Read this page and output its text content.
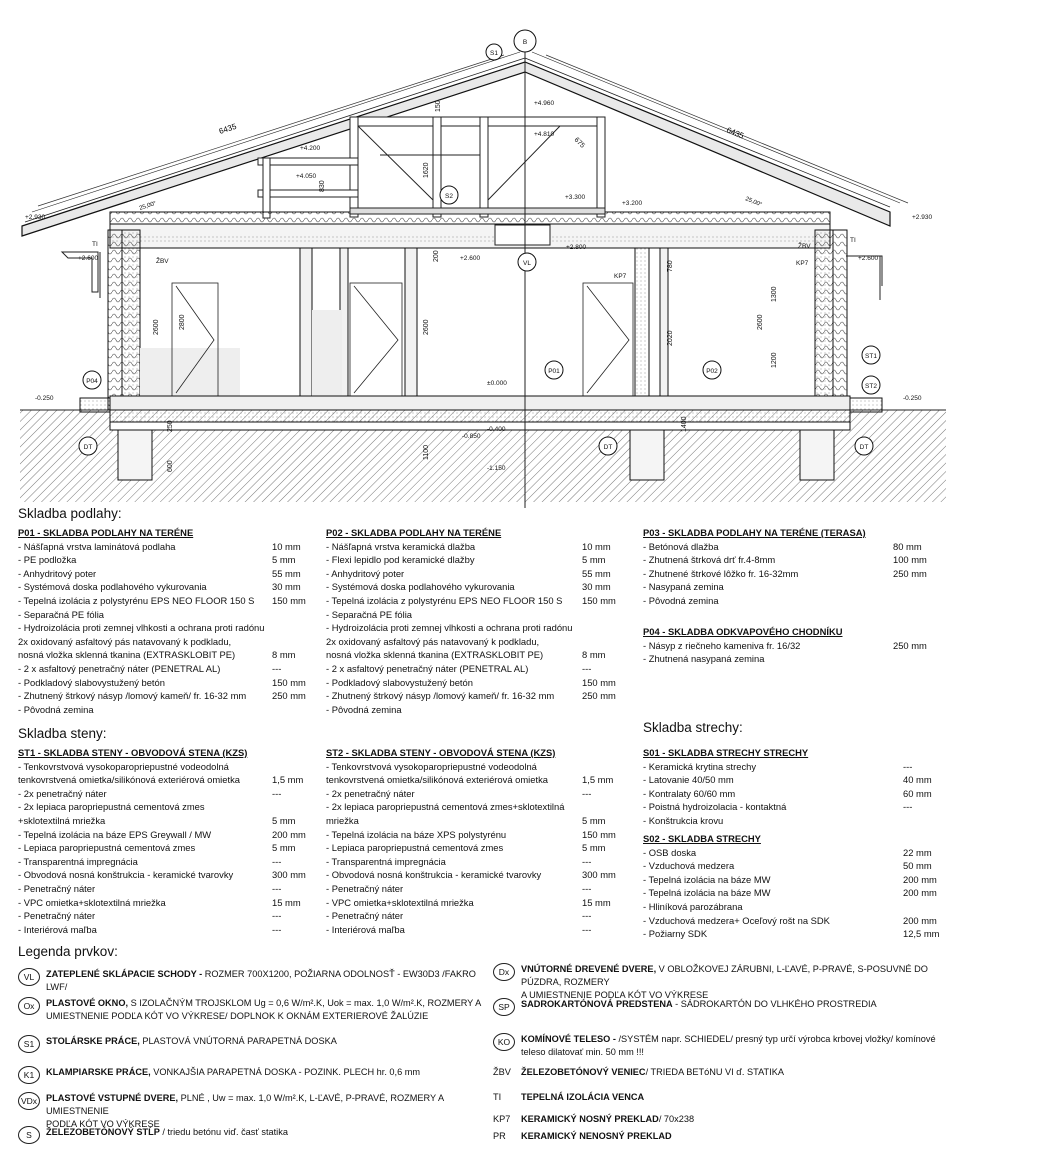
6435	6435
25,00°	25,00°
150
675
1620
830
2600	2600	2600
2800
200
780
1300
2020
1200
600
1100
250	1400
+4.960
+4.810
+4.200
+4.050
+3.300
+3.200
+2.930	+2.930
+2.800
+2.600	+2.600	+2.600
±0.000
-0.250	-0.250
-0.400
-0.850
-1.150
S1
B
S2
VL
P01	P02
P04
ST1
ST2
DT	DT	DT
KP7
KP7
ŽBV
ŽBV
TI
TI
Skladba podlahy:
P01 - SKLADBA PODLAHY NA TERÉNE
- Nášľapná vrstva laminátová podlaha	10 mm
- PE podložka	5 mm
- Anhydritový poter	55 mm
- Systémová doska podlahového vykurovania	30 mm
- Tepelná izolácia z polystyrénu EPS NEO FLOOR 150 S	150 mm
- Separačná PE fólia
- Hydroizolácia proti zemnej vlhkosti a ochrana proti radónu
2x oxidovaný asfaltový pás natavovaný k podkladu,
nosná vložka sklenná tkanina (EXTRASKLOBIT PE)	8 mm
- 2 x asfaltový penetračný náter (PENETRAL AL)	---
- Podkladový slabovystužený betón	150 mm
- Zhutnený štrkový násyp /lomový kameň/ fr. 16-32 mm	250 mm
- Pôvodná zemina
P02 - SKLADBA PODLAHY NA TERÉNE
- Nášľapná vrstva keramická dlažba	10 mm
- Flexi lepidlo pod keramické dlažby	5 mm
- Anhydritový poter	55 mm
- Systémová doska podlahového vykurovania	30 mm
- Tepelná izolácia z polystyrénu EPS NEO FLOOR 150 S	150 mm
- Separačná PE fólia
- Hydroizolácia proti zemnej vlhkosti a ochrana proti radónu
2x oxidovaný asfaltový pás natavovaný k podkladu,
nosná vložka sklenná tkanina (EXTRASKLOBIT PE)	8 mm
- 2 x asfaltový penetračný náter (PENETRAL AL)	---
- Podkladový slabovystužený betón	150 mm
- Zhutnený štrkový násyp /lomový kameň/ fr. 16-32 mm	250 mm
- Pôvodná zemina
P03 - SKLADBA PODLAHY NA TERÉNE (TERASA)
- Betónová dlažba	80 mm
- Zhutnená štrková drť fr.4-8mm	100 mm
- Zhutnené štrkové lôžko fr. 16-32mm	250 mm
- Nasypaná zemina
- Pôvodná zemina
P04 - SKLADBA ODKVAPOVÉHO CHODNÍKU
- Násyp z riečneho kameniva fr. 16/32	250 mm
- Zhutnená nasypaná zemina
Skladba steny:
ST1 - SKLADBA STENY - OBVODOVÁ STENA (KZS)
- Tenkovrstvová vysokoparopriepustné vodeodolná
tenkovrstvená omietka/silikónová exteriérová omietka	1,5 mm
- 2x penetračný náter	---
- 2x lepiaca paropriepustná cementová zmes
+sklotextilná mriežka	5 mm
- Tepelná izolácia na báze EPS Greywall / MW	200 mm
- Lepiaca paropriepustná cementová zmes	5 mm
- Transparentná impregnácia	---
- Obvodová nosná konštrukcia - keramické tvarovky	300 mm
- Penetračný náter	---
- VPC omietka+sklotextilná mriežka	15 mm
- Penetračný náter	---
- Interiérová maľba	---
ST2 - SKLADBA STENY - OBVODOVÁ STENA (KZS)
- Tenkovrstvová vysokoparopriepustné vodeodolná
tenkovrstvená omietka/silikónová exteriérová omietka	1,5 mm
- 2x penetračný náter	---
- 2x lepiaca paropriepustná cementová zmes+sklotextilná
mriežka	5 mm
- Tepelná izolácia na báze XPS polystyrénu	150 mm
- Lepiaca paropriepustná cementová zmes	5 mm
- Transparentná impregnácia	---
- Obvodová nosná konštrukcia - keramické tvarovky	300 mm
- Penetračný náter	---
- VPC omietka+sklotextilná mriežka	15 mm
- Penetračný náter	---
- Interiérová maľba	---
Skladba strechy:
S01 - SKLADBA STRECHY STRECHY
- Keramická krytina strechy	---
- Latovanie 40/50 mm	40 mm
- Kontralaty 60/60 mm	60 mm
- Poistná hydroizolacia - kontaktná	---
- Konštrukcia krovu
S02 - SKLADBA STRECHY
- OSB doska	22 mm
- Vzduchová medzera	50 mm
- Tepelná izolácia na báze MW	200 mm
- Tepelná izolácia na báze MW	200 mm
- Hliníková parozábrana
- Vzduchová medzera+ Oceľový rošt na SDK	200 mm
- Požiarny SDK	12,5 mm
Legenda prvkov:
VL	ZATEPLENÉ SKLÁPACIE SCHODY - ROZMER 700X1200, POŽIARNA ODOLNOSŤ - EW30D3 /FAKRO LWF/
Ox	PLASTOVÉ OKNO, S IZOLAČNÝM TROJSKLOM Ug = 0,6 W/m².K, Uok = max. 1,0 W/m².K, ROZMERY A
UMIESTNENIE PODĽA KÓT VO VÝKRESE/ DOPLNOK K OKNÁM EXTERIEROVÉ ŽALÚZIE
S1	STOLÁRSKE PRÁCE, PLASTOVÁ VNÚTORNÁ PARAPETNÁ DOSKA
K1	KLAMPIARSKE PRÁCE, VONKAJŠIA PARAPETNÁ DOSKA - POZINK. PLECH hr. 0,6 mm
VDx PLASTOVÉ VSTUPNÉ DVERE, PLNÉ , Uw = max. 1,0 W/m².K, L-ĽAVÉ, P-PRAVÉ, ROZMERY A UMIESTNENIE
PODĽA KÓT VO VÝKRESE
S	ŽELEZOBETÓNOVÝ STĹP / triedu betónu viď. časť statika
Dx	VNÚTORNÉ DREVENÉ DVERE, V OBLOŽKOVEJ ZÁRUBNI, L-ĽAVÉ, P-PRAVÉ, S-POSUVNÉ DO PÚZDRA, ROZMERY
A UMIESTNENIE PODĽA KÓT VO VÝKRESE
SP	SADROKARTÓNOVÁ PREDSTENA - SÁDROKARTÓN DO VLHKÉHO PROSTREDIA
KO	KOMÍNOVÉ TELESO - /SYSTÉM napr. SCHIEDEL/ presný typ určí výrobca krbovej vložky/ komínové
teleso dilatovať min. 50 mm !!!
ŽBV	ŽELEZOBETÓNOVÝ VENIEC/ TRIEDA BETóNU VI ď. STATIKA
TI	TEPELNÁ IZOLÁCIA VENCA
KP7	KERAMICKÝ NOSNÝ PREKLAD/ 70x238
PR	KERAMICKÝ NENOSNÝ PREKLAD
